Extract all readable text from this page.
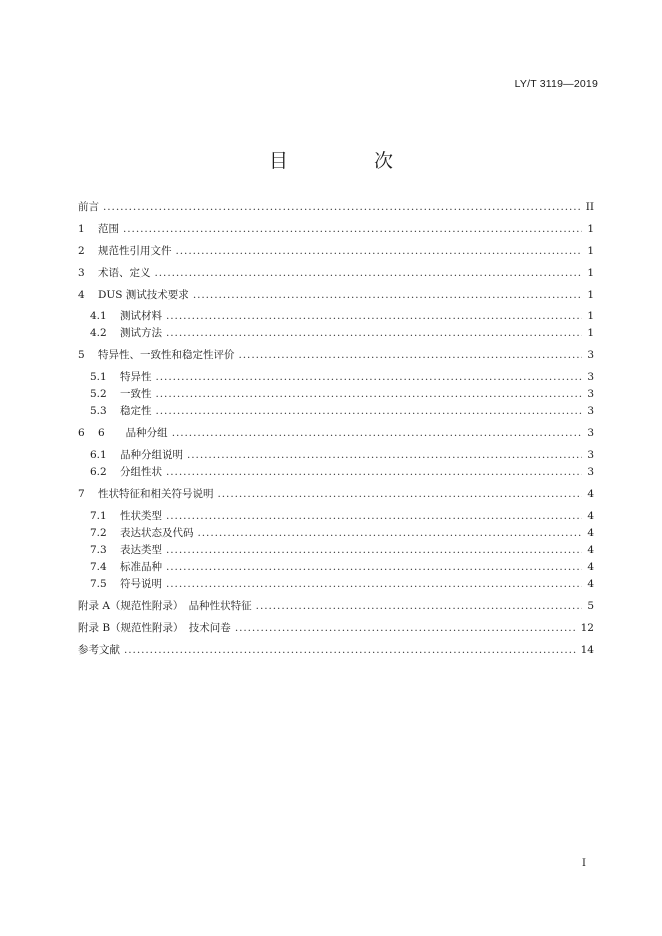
LY/T 3119—2019
目 次
前言 . . .	II
1 范围 . . .	1
2 规范性引用文件 . . .	1
3 术语、定义 . . .	1
4 DUS 测试技术要求 . . .	1
4.1 测试材料 . . .	1
4.2 测试方法 . . .	1
5 特异性、一致性和稳定性评价 . . .	3
5.1 特异性 . . .	3
5.2 一致性 . . .	3
5.3 稳定性 . . .	3
6 6　　品种分组 . . .	3
6.1 品种分组说明 . . .	3
6.2 分组性状 . . .	3
7 性状特征和相关符号说明 . . .	4
7.1 性状类型 . . .	4
7.2 表达状态及代码 . . .	4
7.3 表达类型 . . .	4
7.4 标准品种 . . .	4
7.5 符号说明 . . .	4
附录 A（规范性附录）　品种性状特征 . . .	5
附录 B（规范性附录）　技术问卷 . . .	12
参考文献 . . .	14
I
